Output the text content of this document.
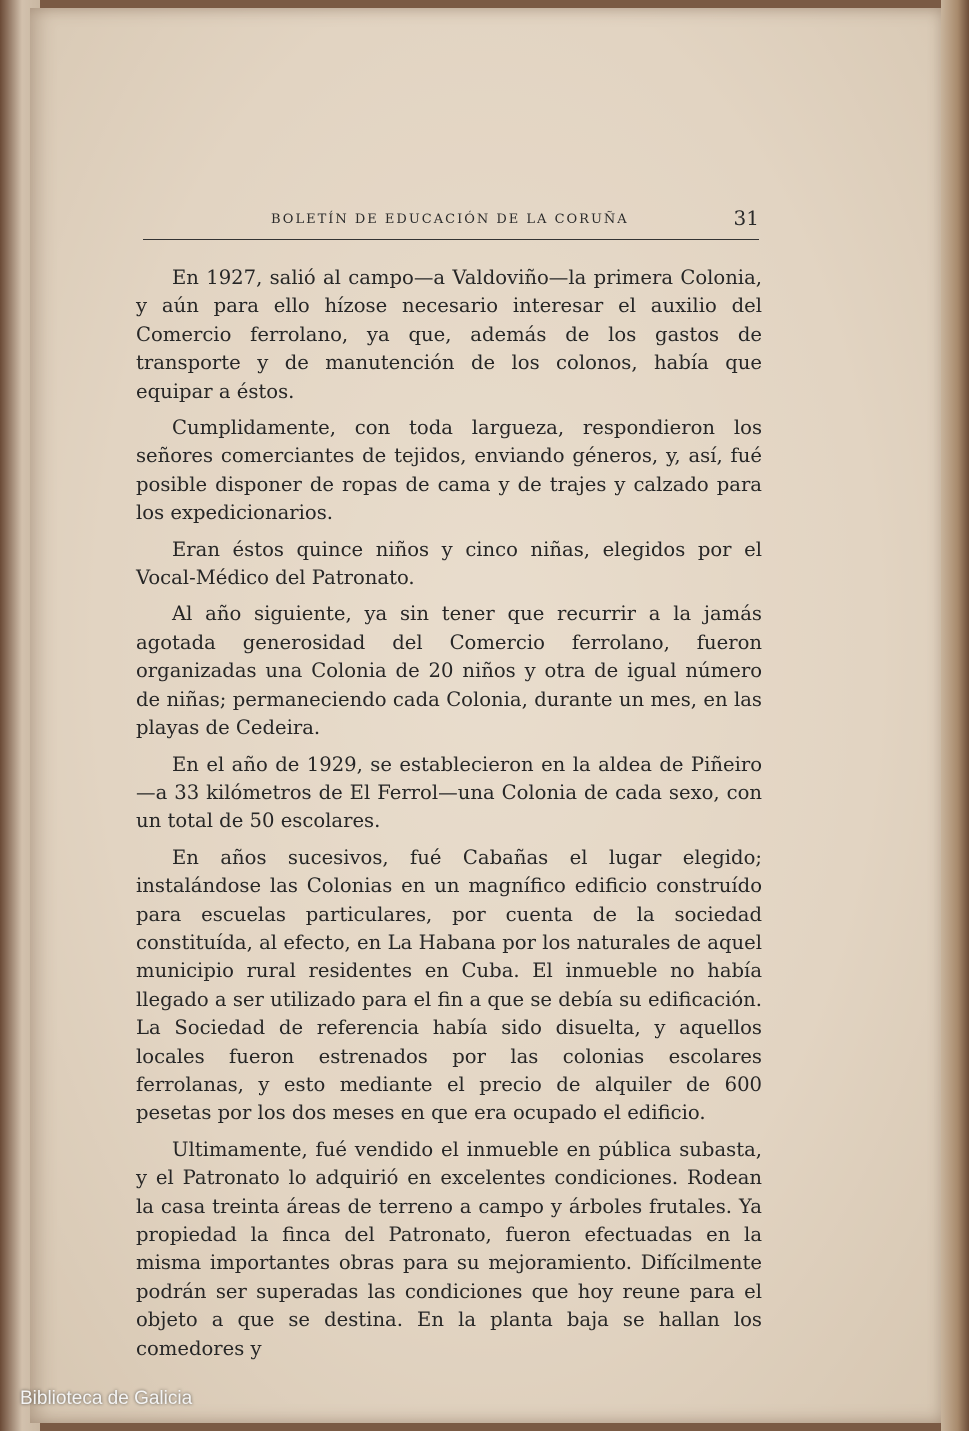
BOLETÍN DE EDUCACIÓN DE LA CORUÑA	31

En 1927, salió al campo—a Valdoviño—la primera Colonia, y aún para ello hízose necesario interesar el auxilio del Comercio ferrolano, ya que, además de los gastos de transporte y de manutención de los colonos, había que equipar a éstos.

Cumplidamente, con toda largueza, respondieron los señores comerciantes de tejidos, enviando géneros, y, así, fué posible disponer de ropas de cama y de trajes y calzado para los expedicionarios.

Eran éstos quince niños y cinco niñas, elegidos por el Vocal-Médico del Patronato.

Al año siguiente, ya sin tener que recurrir a la jamás agotada generosidad del Comercio ferrolano, fueron organizadas una Colonia de 20 niños y otra de igual número de niñas; permaneciendo cada Colonia, durante un mes, en las playas de Cedeira.

En el año de 1929, se establecieron en la aldea de Piñeiro—a 33 kilómetros de El Ferrol—una Colonia de cada sexo, con un total de 50 escolares.

En años sucesivos, fué Cabañas el lugar elegido; instalándose las Colonias en un magnífico edificio construído para escuelas particulares, por cuenta de la sociedad constituída, al efecto, en La Habana por los naturales de aquel municipio rural residentes en Cuba. El inmueble no había llegado a ser utilizado para el fin a que se debía su edificación. La Sociedad de referencia había sido disuelta, y aquellos locales fueron estrenados por las colonias escolares ferrolanas, y esto mediante el precio de alquiler de 600 pesetas por los dos meses en que era ocupado el edificio.

Ultimamente, fué vendido el inmueble en pública subasta, y el Patronato lo adquirió en excelentes condiciones. Rodean la casa treinta áreas de terreno a campo y árboles frutales. Ya propiedad la finca del Patronato, fueron efectuadas en la misma importantes obras para su mejoramiento. Difícilmente podrán ser superadas las condiciones que hoy reune para el objeto a que se destina. En la planta baja se hallan los comedores y

Biblioteca de Galicia
